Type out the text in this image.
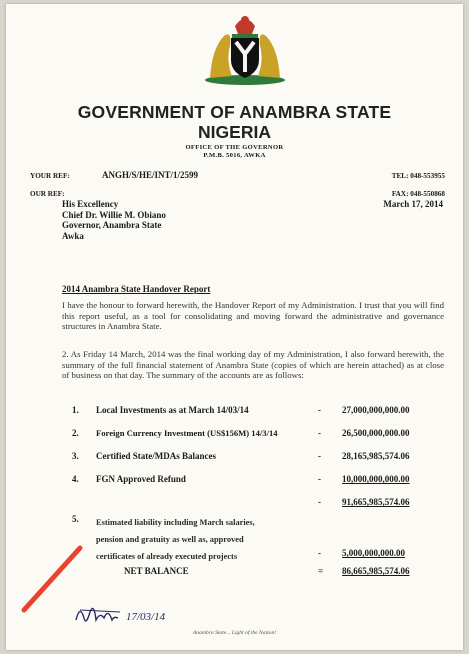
GOVERNMENT OF ANAMBRA STATE
NIGERIA
OFFICE OF THE GOVERNOR
P.M.B. 5016, AWKA
YOUR REF:	ANGH/S/HE/INT/1/2599	TEL: 048-553955
OUR REF:	FAX: 048-550868
His Excellency
Chief Dr. Willie M. Obiano
Governor, Anambra State
Awka
March 17, 2014
2014 Anambra State Handover Report
I have the honour to forward herewith, the Handover Report of my Administration. I trust that you will find this report useful, as a tool for consolidating and moving forward the administrative and governance structures in Anambra State.
2. As Friday 14 March, 2014 was the final working day of my Administration, I also forward herewith, the summary of the full financial statement of Anambra State (copies of which are herein attached) as at close of business on that day. The summary of the accounts are as follows:
1. Local Investments as at March 14/03/14	- 27,000,000,000.00
2. Foreign Currency Investment (US$156M) 14/3/14	- 26,500,000,000.00
3. Certified State/MDAs Balances	- 28,165,985,574.06
4. FGN Approved Refund	- 10,000,000,000.00
- 91,665,985,574.06
5. Estimated liability including March salaries,
pension and gratuity as well as, approved
certificates of already executed projects	- 5,000,000,000.00
NET BALANCE	= 86,665,985,574.06
17/03/14
Anambra State... Light of the Nation!
